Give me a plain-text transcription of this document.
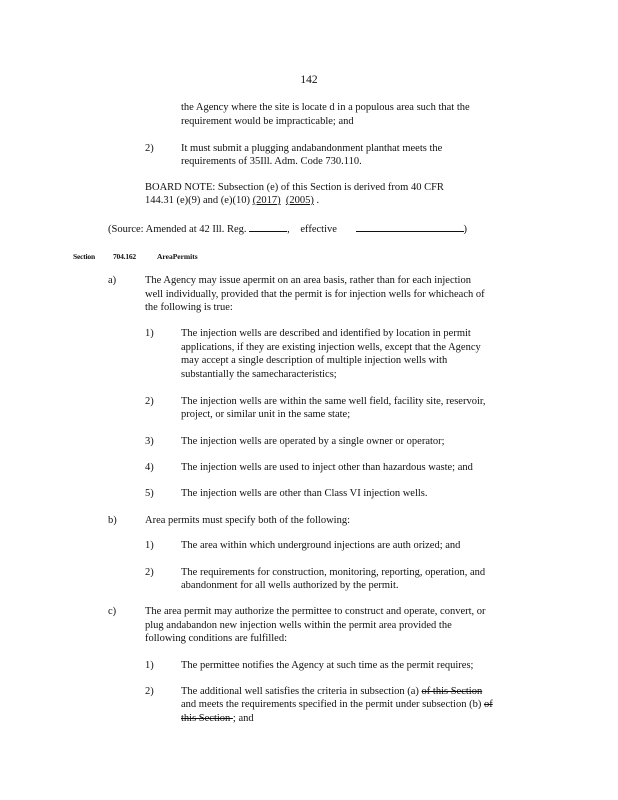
142
the Agency where the site is locate d in a populous area such that the
requirement would be impracticable; and
2)	It must submit a plugging andabandonment planthat meets the
requirements of 35Ill. Adm. Code 730.110.
BOARD NOTE: Subsection (e) of this Section is derived from 40 CFR
144.31 (e)(9) and (e)(10) (2017) (2005) .
(Source: Amended at 42 Ill. Reg.	, effective	)
Section 704.162	AreaPermits
a)	The Agency may issue apermit on an area basis, rather than for each injection
well individually, provided that the permit is for injection wells for whicheach of
the following is true:
1)	The injection wells are described and identified by location in permit
applications, if they are existing injection wells, except that the Agency
may accept a single description of multiple injection wells with
substantially the samecharacteristics;
2)	The injection wells are within the same well field, facility site, reservoir,
project, or similar unit in the same state;
3)	The injection wells are operated by a single owner or operator;
4)	The injection wells are used to inject other than hazardous waste; and
5)	The injection wells are other than Class VI injection wells.
b)	Area permits must specify both of the following:
1)	The area within which underground injections are auth orized; and
2)	The requirements for construction, monitoring, reporting, operation, and
abandonment for all wells authorized by the permit.
c)	The area permit may authorize the permittee to construct and operate, convert, or
plug andabandon new injection wells within the permit area provided the
following conditions are fulfilled:
1)	The permittee notifies the Agency at such time as the permit requires;
2)	The additional well satisfies the criteria in subsection (a) of this Section
and meets the requirements specified in the permit under subsection (b) of
this Section ; and
